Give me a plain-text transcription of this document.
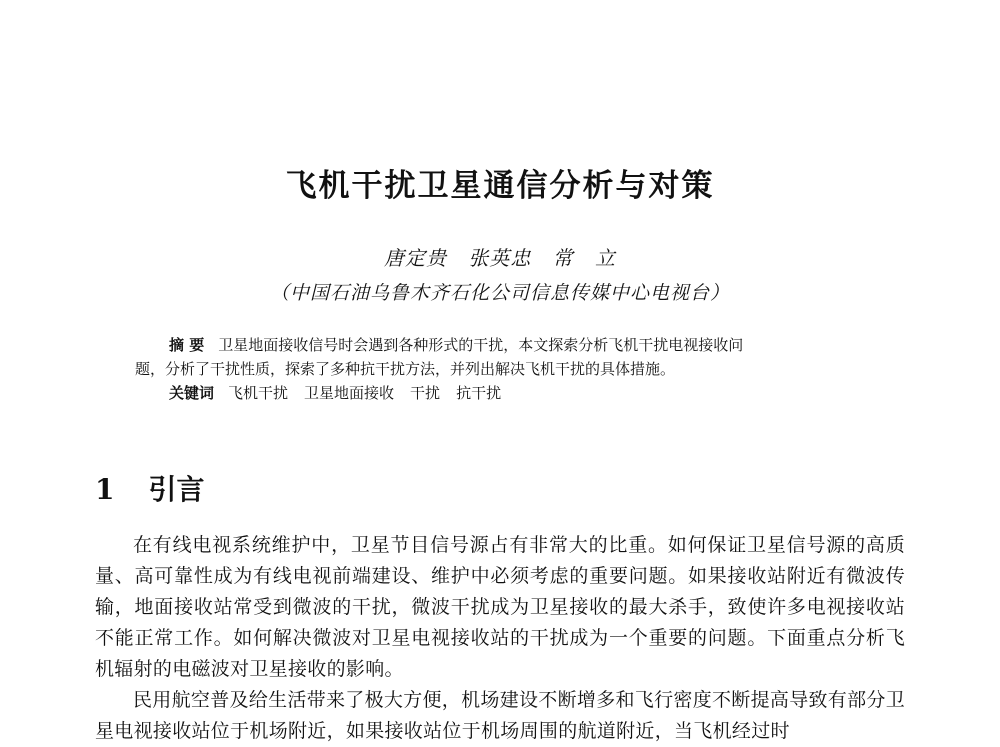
飞机干扰卫星通信分析与对策
唐定贵 张英忠 常 立
（中国石油乌鲁木齐石化公司信息传媒中心电视台）
摘 要 卫星地面接收信号时会遇到各种形式的干扰，本文探索分析飞机干扰电视接收问
题，分析了干扰性质，探索了多种抗干扰方法，并列出解决飞机干扰的具体措施。
关键词 飞机干扰 卫星地面接收 干扰 抗干扰
1 引言

在有线电视系统维护中，卫星节目信号源占有非常大的比重。如何保证卫星信号源的高质量、高可靠性成为有线电视前端建设、维护中必须考虑的重要问题。如果接收站附近有微波传输，地面接收站常受到微波的干扰，微波干扰成为卫星接收的最大杀手，致使许多电视接收站不能正常工作。如何解决微波对卫星电视接收站的干扰成为一个重要的问题。下面重点分析飞机辐射的电磁波对卫星接收的影响。

民用航空普及给生活带来了极大方便，机场建设不断增多和飞行密度不断提高导致有部分卫星电视接收站位于机场附近，如果接收站位于机场周围的航道附近，当飞机经过时
